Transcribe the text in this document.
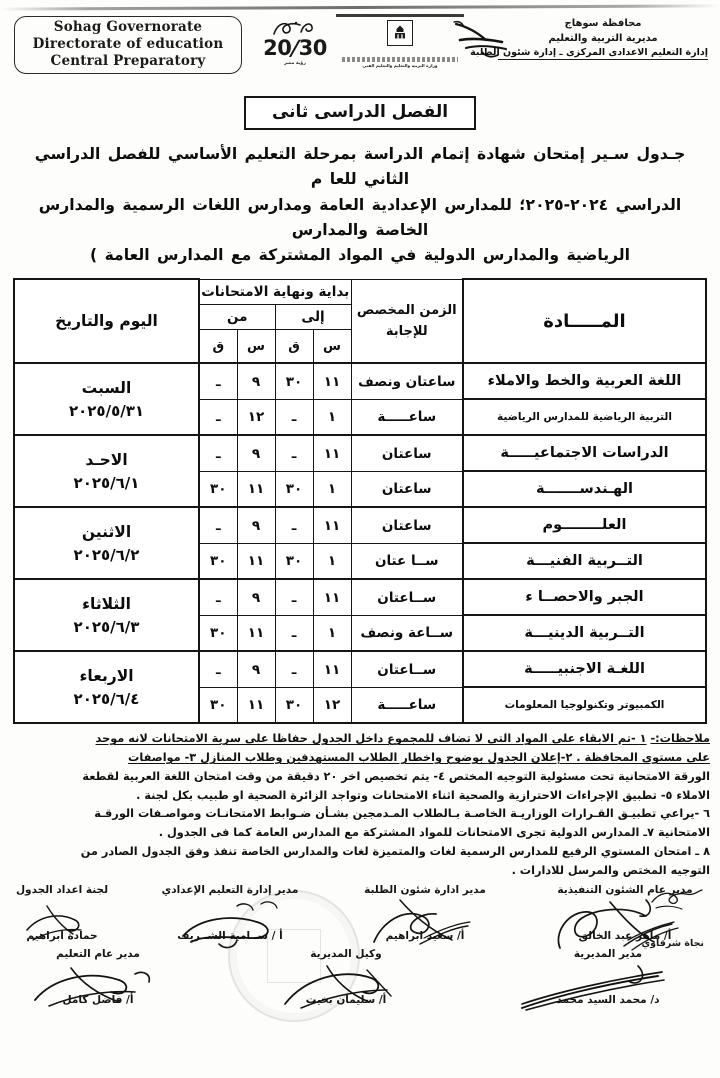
Sohag Governorate
Directorate of education
Central Preparatory
20/30
رؤية مصر	وزارة التربية والتعليم والتعليم الفني
محافظة سوهاج
مديرية التربية والتعليم
إدارة التعليم الاعدادى المركزى ـ إدارة شئون الطلبة
الفصل الدراسى ثانى
جـدول سـير إمتحان شهادة إتمام الدراسة بمرحلة التعليم الأساسي للفصل الدراسي الثاني للعا م
الدراسي ٢٠٢٤-٢٠٢٥؛ للمدارس الإعدادية العامة ومدارس اللغات الرسمية والمدارس الخاصة والمدارس
الرياضية والمدارس الدولية في المواد المشتركة مع المدارس العامة )
المـــــادة	الزمن المخصص
للإجابة	بداية ونهاية الامتحانات				اليوم والتاريخ
		إلى		من		
		س	ق	س	ق	
اللغة العربية والخط والاملاء	ساعتان ونصف	١١	٣٠	٩	ـ	السبت
٢٠٢٥/٥/٣١

التربية الرياضية للمدارس الرياضية	ساعـــــة	١	ـ	١٢	ـ	
الدراسات الاجتماعيـــــة	ساعتان	١١	ـ	٩	ـ	الاحـد
٢٠٢٥/٦/١

الهـندســـــــة	ساعتان	١	٣٠	١١	٣٠	
العلــــــــوم	ساعتان	١١	ـ	٩	ـ	الاثنين
٢٠٢٥/٦/٢

التــربية الفنيـــة	ســا عتان	١	٣٠	١١	٣٠	
الجبر والاحصــا ء	ســاعتان	١١	ـ	٩	ـ	الثلاثاء
٢٠٢٥/٦/٣

التــربية الدينيـــة	ســاعة ونصف	١	ـ	١١	٣٠	
اللغـة الاجنبيـــــة	ســاعتان	١١	ـ	٩	ـ	الاربعاء
٢٠٢٥/٦/٤

الكمبيوتر وتكنولوجيا المعلومات	ساعـــــة	١٢	٣٠	١١	٣٠	
ملاحظات:- ١ -تم الابقاء على المواد التى لا تضاف للمجموع داخل الجدول حفاظا على سرية الامتحانات لانه موحد
على مستوى المحافظة . ٢-إعلان الجدول بوضوح واخطار الطلاب المستهدفين وطلاب المنازل ٣- مواصفات
الورقة الامتحانية تحت مسئولية التوجيه المختص ٤- يتم تخصيص اخر ٢٠ دقيقة من وقت امتحان اللغة العربية لقطعة
الاملاء ٥- تطبيق الإجراءات الاحترازية والصحية اثناء الامتحانات وتواجد الزائرة الصحية او طبيب بكل لجنة .
٦ -يراعي تطبيـق القـرارات الوزاريـة الخاصـة بـالطلاب المـدمجين بشـأن ضـوابط الامتحانـات ومواصـفات الورقـة
الامتحانية ٧ـ المدارس الدولية تجرى الامتحانات للمواد المشتركة مع المدارس العامة كما فى الجدول .
٨ ـ امتحان المستوي الرفيع للمدارس الرسمية لغات والمتميزة لغات والمدارس الخاصة تنفذ وفق الجدول الصادر من
التوجيه المختص والمرسل للادارات .
نجاة شرقاوي
مدير عام الشئون التنفيذية
أ/ ماهر عبد الخالق
مدير ادارة شئون الطلبة
أ/ سعيد ابراهيم
مدير إدارة التعليم الإعدادي
أ / ســامية الشــريف
لجنة اعداد الجدول
حمادة ابراهيم
مدير المديرية
د/ محمد السيد محمد
وكيل المديرية
أ/ سليمان بخيت
مدير عام التعليم
أ/ فاضل كامل
